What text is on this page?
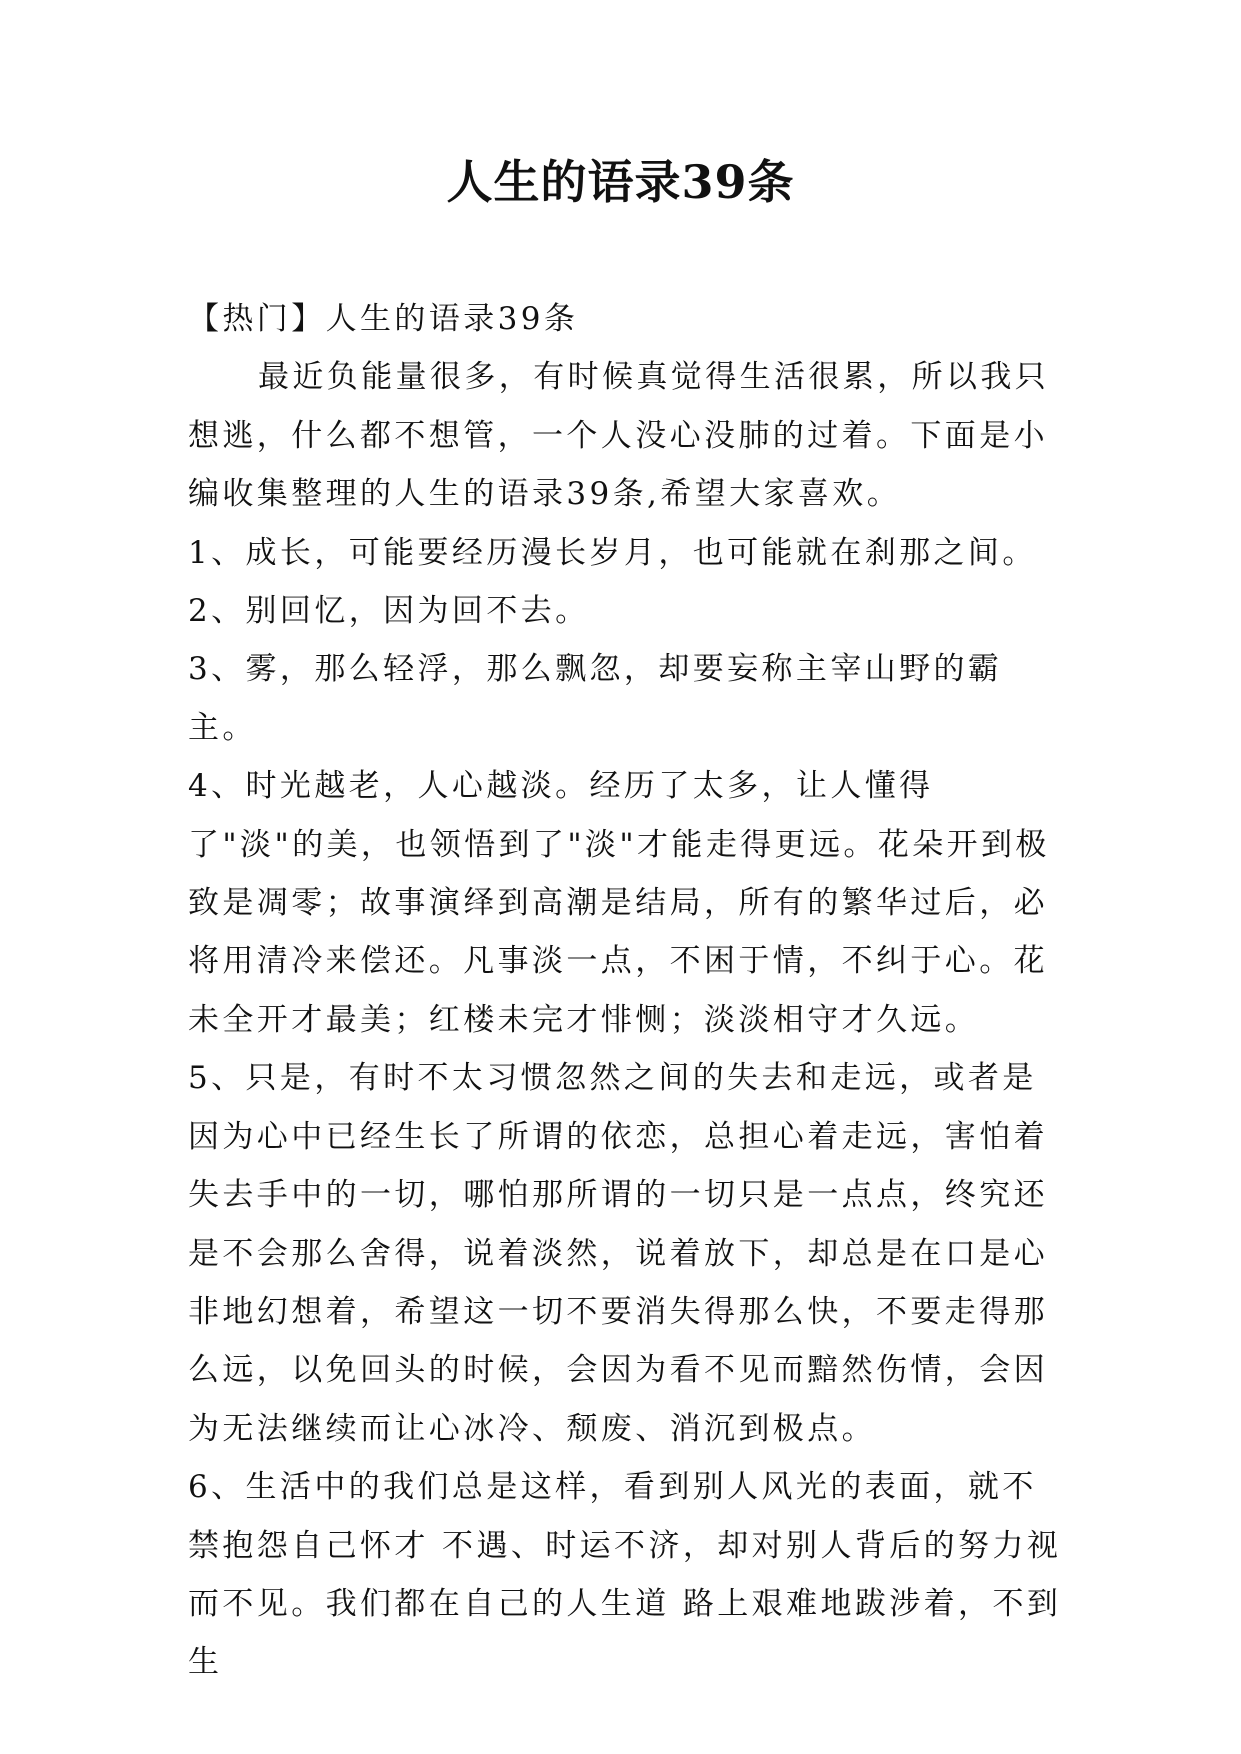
人生的语录39条

【热门】人生的语录39条

最近负能量很多，有时候真觉得生活很累，所以我只想逃，什么都不想管，一个人没心没肺的过着。下面是小编收集整理的人生的语录39条,希望大家喜欢。

1、成长，可能要经历漫长岁月，也可能就在刹那之间。

2、别回忆，因为回不去。

3、雾，那么轻浮，那么飘忽，却要妄称主宰山野的霸主。

4、时光越老，人心越淡。经历了太多，让人懂得了"淡"的美，也领悟到了"淡"才能走得更远。花朵开到极致是凋零；故事演绎到高潮是结局，所有的繁华过后，必将用清冷来偿还。凡事淡一点，不困于情，不纠于心。花未全开才最美；红楼未完才悱恻；淡淡相守才久远。

5、只是，有时不太习惯忽然之间的失去和走远，或者是因为心中已经生长了所谓的依恋，总担心着走远，害怕着失去手中的一切，哪怕那所谓的一切只是一点点，终究还是不会那么舍得，说着淡然，说着放下，却总是在口是心非地幻想着，希望这一切不要消失得那么快，不要走得那么远，以免回头的时候，会因为看不见而黯然伤情，会因为无法继续而让心冰冷、颓废、消沉到极点。

6、生活中的我们总是这样，看到别人风光的表面，就不禁抱怨自己怀才 不遇、时运不济，却对别人背后的努力视而不见。我们都在自己的人生道 路上艰难地跋涉着，不到生
